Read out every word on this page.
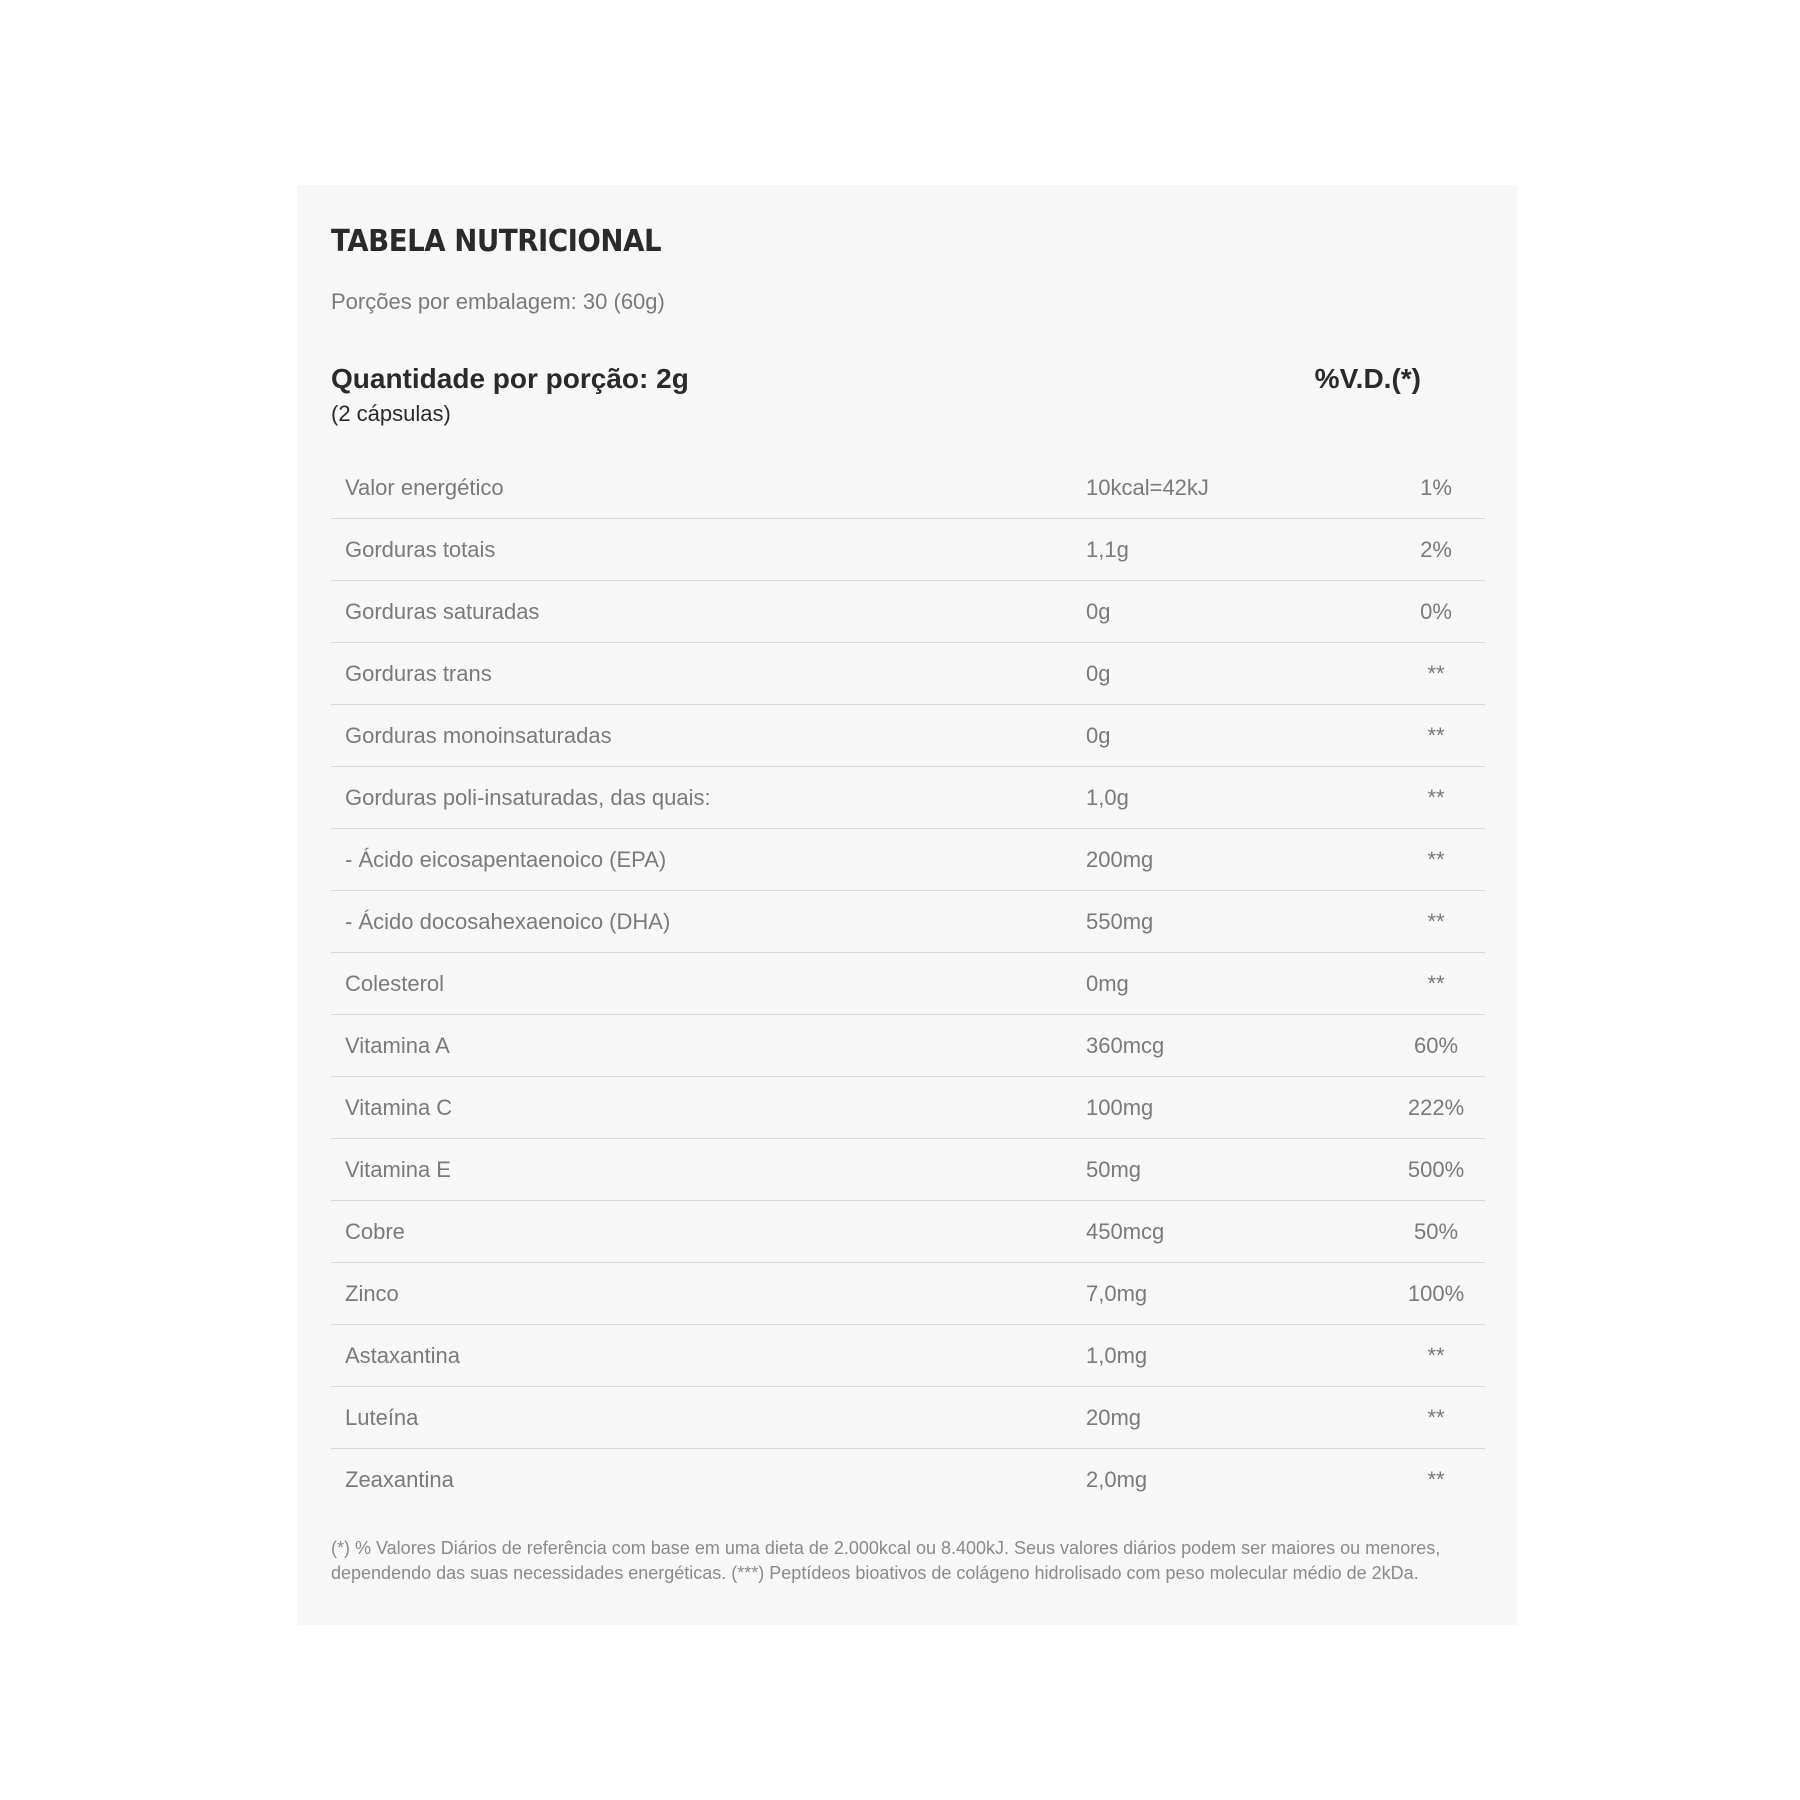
TABELA NUTRICIONAL
Porções por embalagem: 30 (60g)
Quantidade por porção: 2g
(2 cápsulas)
%V.D.(*)
Valor energético	10kcal=42kJ	1%
Gorduras totais	1,1g	2%
Gorduras saturadas	0g	0%
Gorduras trans	0g	**
Gorduras monoinsaturadas	0g	**
Gorduras poli-insaturadas, das quais:	1,0g	**
- Ácido eicosapentaenoico (EPA)	200mg	**
- Ácido docosahexaenoico (DHA)	550mg	**
Colesterol	0mg	**
Vitamina A	360mcg	60%
Vitamina C	100mg	222%
Vitamina E	50mg	500%
Cobre	450mcg	50%
Zinco	7,0mg	100%
Astaxantina	1,0mg	**
Luteína	20mg	**
Zeaxantina	2,0mg	**
(*) % Valores Diários de referência com base em uma dieta de 2.000kcal ou 8.400kJ. Seus valores diários podem ser maiores ou menores, dependendo das suas necessidades energéticas. (***) Peptídeos bioativos de colágeno hidrolisado com peso molecular médio de 2kDa.
